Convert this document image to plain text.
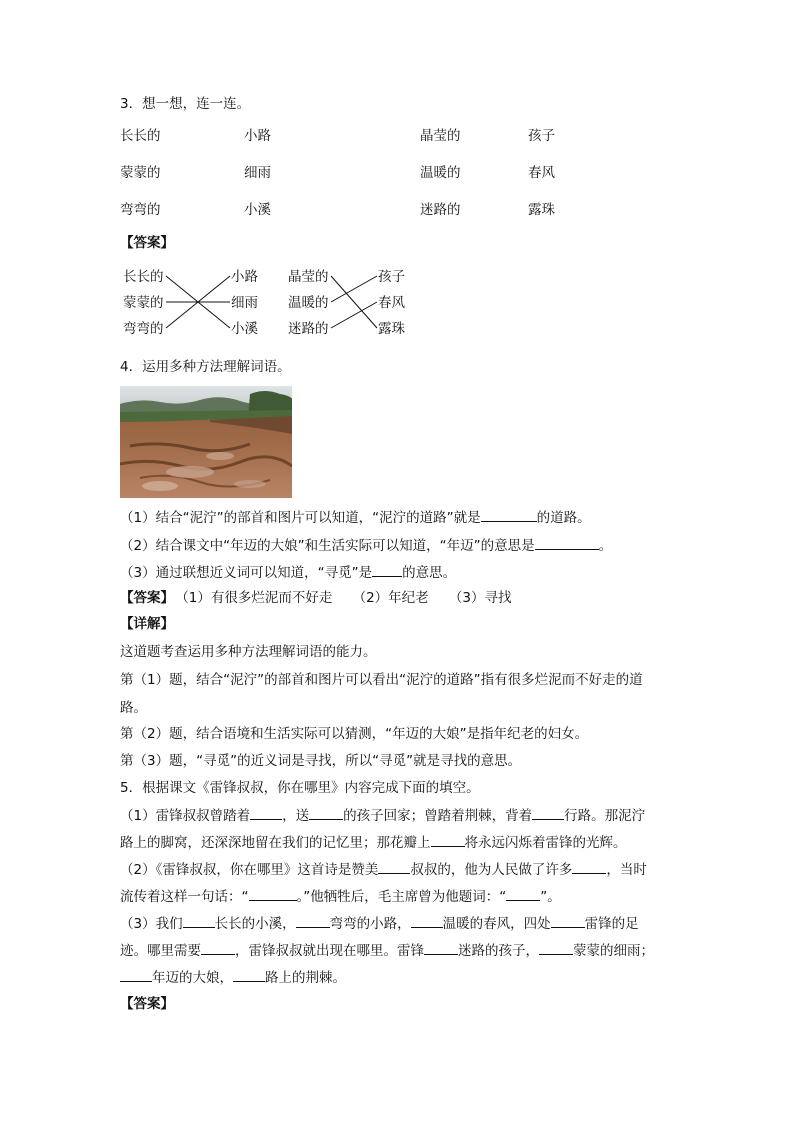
3．想一想，连一连。
长长的	小路	晶莹的	孩子
蒙蒙的	细雨	温暖的	春风
弯弯的	小溪	迷路的	露珠
【答案】
长长的
蒙蒙的
弯弯的
小路
细雨
小溪
晶莹的
温暖的
迷路的
孩子
春风
露珠
4．运用多种方法理解词语。
（1）结合“泥泞”的部首和图片可以知道，“泥泞的道路”就是	的道路。
（2）结合课文中“年迈的大娘”和生活实际可以知道，“年迈”的意思是	。
（3）通过联想近义词可以知道，“寻觅”是 的意思。
【答案】 （1）有很多烂泥而不好走　　（2）年纪老　　（3）寻找
【详解】
这道题考查运用多种方法理解词语的能力。
第（1）题，结合“泥泞”的部首和图片可以看出“泥泞的道路”指有很多烂泥而不好走的道
路。
第（2）题，结合语境和生活实际可以猜测，“年迈的大娘”是指年纪老的妇女。
第（3）题，“寻觅”的近义词是寻找，所以“寻觅”就是寻找的意思。
5．根据课文《雷锋叔叔，你在哪里》内容完成下面的填空。
（1）雷锋叔叔曾踏着 ，送	的孩子回家；曾踏着荆棘，背着 行路。那泥泞
路上的脚窝，还深深地留在我们的记忆里；那花瓣上	将永远闪烁着雷锋的光辉。
（2）《雷锋叔叔，你在哪里》这首诗是赞美 叔叔的，他为人民做了许多	，当时
流传着这样一句话：“	。”他牺牲后，毛主席曾为他题词：“	”。
（3）我们 长长的小溪，	弯弯的小路， 温暖的春风，四处	雷锋的足
迹。哪里需要	，雷锋叔叔就出现在哪里。雷锋	迷路的孩子，	蒙蒙的细雨；
年迈的大娘， 路上的荆棘。
【答案】
